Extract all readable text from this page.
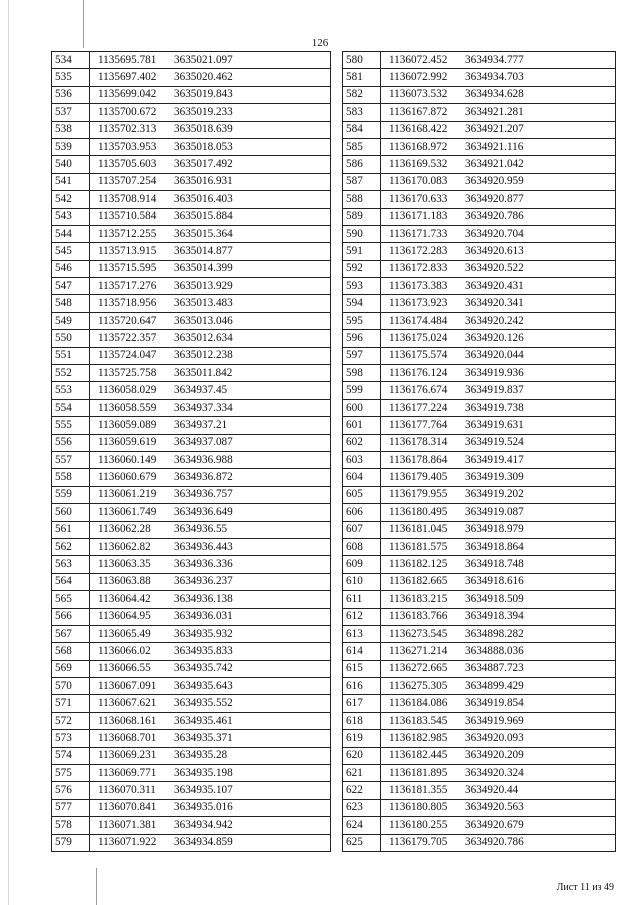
126
534	1135695.781 3635021.097
535	1135697.402 3635020.462
536	1135699.042 3635019.843
537	1135700.672 3635019.233
538	1135702.313 3635018.639
539	1135703.953 3635018.053
540	1135705.603 3635017.492
541	1135707.254 3635016.931
542	1135708.914 3635016.403
543	1135710.584 3635015.884
544	1135712.255 3635015.364
545	1135713.915 3635014.877
546	1135715.595 3635014.399
547	1135717.276 3635013.929
548	1135718.956 3635013.483
549	1135720.647 3635013.046
550	1135722.357 3635012.634
551	1135724.047 3635012.238
552	1135725.758 3635011.842
553	1136058.029 3634937.45
554	1136058.559 3634937.334
555	1136059.089 3634937.21
556	1136059.619 3634937.087
557	1136060.149 3634936.988
558	1136060.679 3634936.872
559	1136061.219 3634936.757
560	1136061.749 3634936.649
561	1136062.28 3634936.55
562	1136062.82 3634936.443
563	1136063.35 3634936.336
564	1136063.88 3634936.237
565	1136064.42 3634936.138
566	1136064.95 3634936.031
567	1136065.49 3634935.932
568	1136066.02 3634935.833
569	1136066.55 3634935.742
570	1136067.091 3634935.643
571	1136067.621 3634935.552
572	1136068.161 3634935.461
573	1136068.701 3634935.371
574	1136069.231 3634935.28
575	1136069.771 3634935.198
576	1136070.311 3634935.107
577	1136070.841 3634935.016
578	1136071.381 3634934.942
579	1136071.922 3634934.859
580	1136072.452 3634934.777
581	1136072.992 3634934.703
582	1136073.532 3634934.628
583	1136167.872 3634921.281
584	1136168.422 3634921.207
585	1136168.972 3634921.116
586	1136169.532 3634921.042
587	1136170.083 3634920.959
588	1136170.633 3634920.877
589	1136171.183 3634920.786
590	1136171.733 3634920.704
591	1136172.283 3634920.613
592	1136172.833 3634920.522
593	1136173.383 3634920.431
594	1136173.923 3634920.341
595	1136174.484 3634920.242
596	1136175.024 3634920.126
597	1136175.574 3634920.044
598	1136176.124 3634919.936
599	1136176.674 3634919.837
600	1136177.224 3634919.738
601	1136177.764 3634919.631
602	1136178.314 3634919.524
603	1136178.864 3634919.417
604	1136179.405 3634919.309
605	1136179.955 3634919.202
606	1136180.495 3634919.087
607	1136181.045 3634918.979
608	1136181.575 3634918.864
609	1136182.125 3634918.748
610	1136182.665 3634918.616
611	1136183.215 3634918.509
612	1136183.766 3634918.394
613	1136273.545 3634898.282
614	1136271.214 3634888.036
615	1136272.665 3634887.723
616	1136275.305 3634899.429
617	1136184.086 3634919.854
618	1136183.545 3634919.969
619	1136182.985 3634920.093
620	1136182.445 3634920.209
621	1136181.895 3634920.324
622	1136181.355 3634920.44
623	1136180.805 3634920.563
624	1136180.255 3634920.679
625	1136179.705 3634920.786
Лист 11 из 49
